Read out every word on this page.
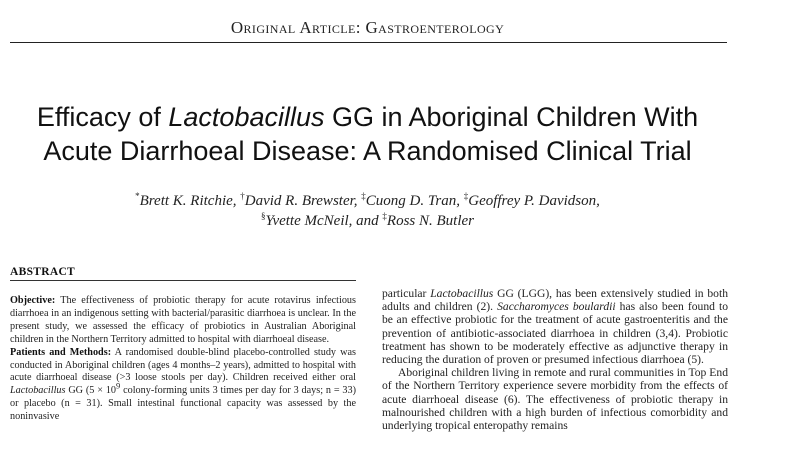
Original Article: Gastroenterology
Efficacy of Lactobacillus GG in Aboriginal Children With
Acute Diarrhoeal Disease: A Randomised Clinical Trial
*Brett K. Ritchie, †David R. Brewster, ‡Cuong D. Tran, ‡Geoffrey P. Davidson,
§Yvette McNeil, and ‡Ross N. Butler
ABSTRACT

Objective: The effectiveness of probiotic therapy for acute rotavirus infectious diarrhoea in an indigenous setting with bacterial/parasitic diarrhoea is unclear. In the present study, we assessed the efficacy of probiotics in Australian Aboriginal children in the Northern Territory admitted to hospital with diarrhoeal disease.

Patients and Methods: A randomised double-blind placebo-controlled study was conducted in Aboriginal children (ages 4 months–2 years), admitted to hospital with acute diarrhoeal disease (>3 loose stools per day). Children received either oral Lactobacillus GG ($5 \times 10^9$ colony-forming units 3 times per day for 3 days; n = 33) or placebo (n = 31). Small intestinal functional capacity was assessed by the noninvasive

particular Lactobacillus GG (LGG), has been extensively studied in both adults and children (2). Saccharomyces boulardii has also been found to be an effective probiotic for the treatment of acute gastroenteritis and the prevention of antibiotic-associated diarrhoea in children (3,4). Probiotic treatment has shown to be moderately effective as adjunctive therapy in reducing the duration of proven or presumed infectious diarrhoea (5).

Aboriginal children living in remote and rural communities in Top End of the Northern Territory experience severe morbidity from the effects of acute diarrhoeal disease (6). The effectiveness of probiotic therapy in malnourished children with a high burden of infectious comorbidity and underlying tropical enteropathy remains
